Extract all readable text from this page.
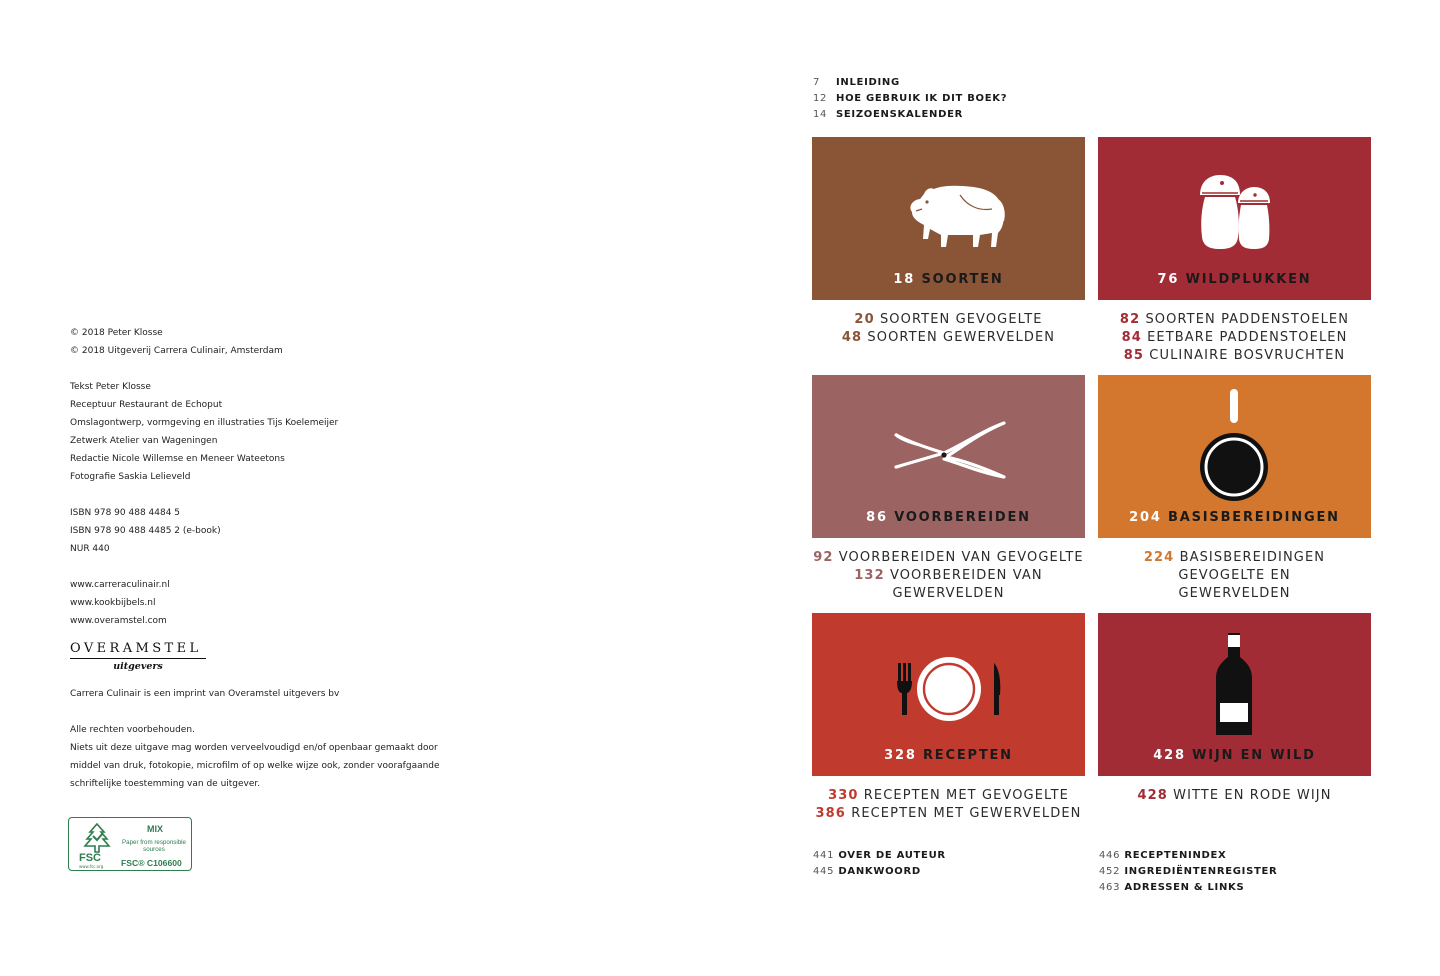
© 2018 Peter Klosse
© 2018 Uitgeverij Carrera Culinair, Amsterdam
Tekst Peter Klosse
Receptuur Restaurant de Echoput
Omslagontwerp, vormgeving en illustraties Tijs Koelemeijer
Zetwerk Atelier van Wageningen
Redactie Nicole Willemse en Meneer Wateetons
Fotografie Saskia Lelieveld
ISBN 978 90 488 4484 5
ISBN 978 90 488 4485 2 (e-book)
NUR 440
www.carreraculinair.nl
www.kookbijbels.nl
www.overamstel.com
OVERAMSTEL
uitgevers
Carrera Culinair is een imprint van Overamstel uitgevers bv
Alle rechten voorbehouden.
Niets uit deze uitgave mag worden verveelvoudigd en/of openbaar gemaakt door
middel van druk, fotokopie, microfilm of op welke wijze ook, zonder voorafgaande
schriftelijke toestemming van de uitgever.
FSC
www.fsc.org
MIX
Paper from responsible sources
FSC® C106600
7 INLEIDING
12 HOE GEBRUIK IK DIT BOEK?
14 SEIZOENSKALENDER
18 SOORTEN
20 SOORTEN GEVOGELTE
48 SOORTEN GEWERVELDEN
76 WILDPLUKKEN
82 SOORTEN PADDENSTOELEN
84 EETBARE PADDENSTOELEN
85 CULINAIRE BOSVRUCHTEN
86 VOORBEREIDEN
92 VOORBEREIDEN VAN GEVOGELTE
132 VOORBEREIDEN VAN
GEWERVELDEN
204 BASISBEREIDINGEN
224 BASISBEREIDINGEN
GEVOGELTE EN
GEWERVELDEN
328 RECEPTEN
330 RECEPTEN MET GEVOGELTE
386 RECEPTEN MET GEWERVELDEN
428 WIJN EN WILD
428 WITTE EN RODE WIJN
441 OVER DE AUTEUR
445 DANKWOORD
446 RECEPTENINDEX
452 INGREDIËNTENREGISTER
463 ADRESSEN & LINKS
